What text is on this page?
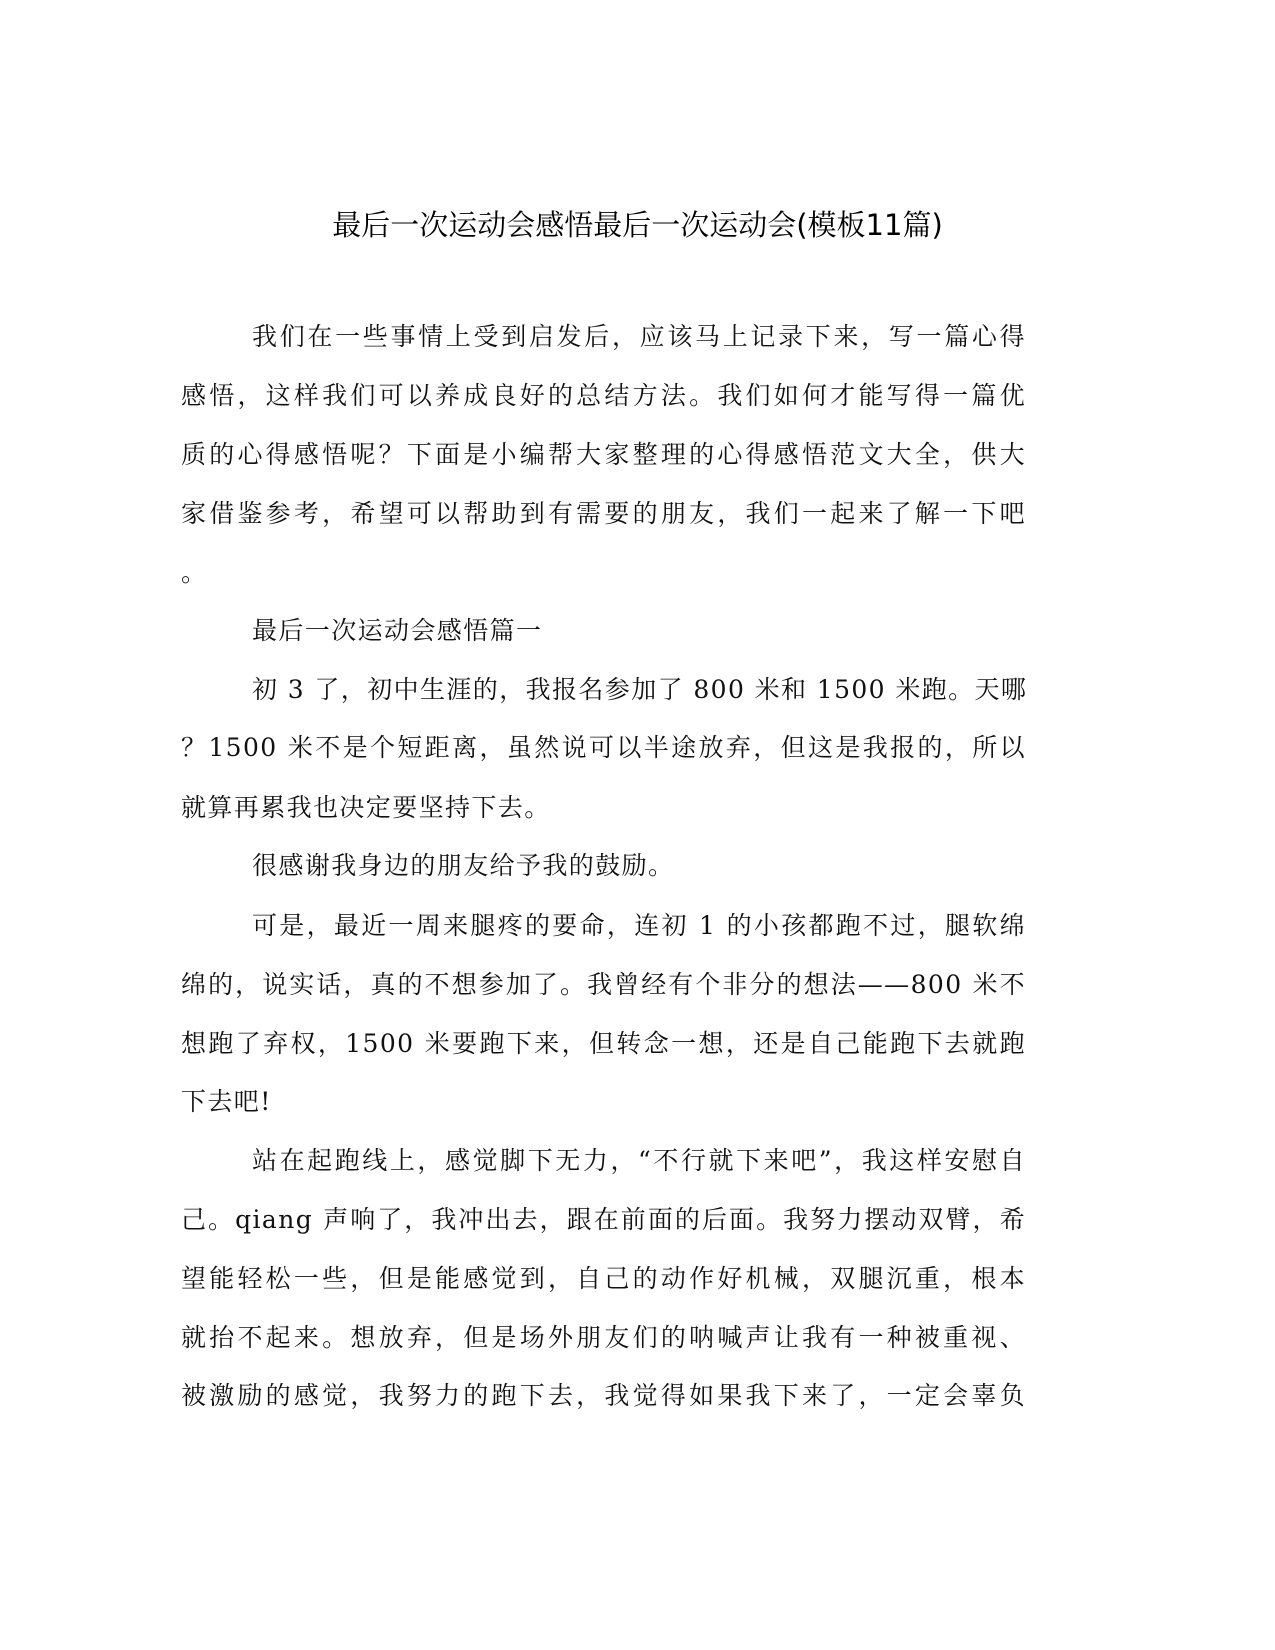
最后一次运动会感悟最后一次运动会(模板11篇)
我们在一些事情上受到启发后，应该马上记录下来，写一篇心得
感悟，这样我们可以养成良好的总结方法。我们如何才能写得一篇优
质的心得感悟呢？下面是小编帮大家整理的心得感悟范文大全，供大
家借鉴参考，希望可以帮助到有需要的朋友，我们一起来了解一下吧
。
最后一次运动会感悟篇一
初 3 了，初中生涯的，我报名参加了 800 米和 1500 米跑。天哪
？1500 米不是个短距离，虽然说可以半途放弃，但这是我报的，所以
就算再累我也决定要坚持下去。
很感谢我身边的朋友给予我的鼓励。
可是，最近一周来腿疼的要命，连初 1 的小孩都跑不过，腿软绵
绵的，说实话，真的不想参加了。我曾经有个非分的想法——800 米不
想跑了弃权，1500 米要跑下来，但转念一想，还是自己能跑下去就跑
下去吧!
站在起跑线上，感觉脚下无力，“不行就下来吧”，我这样安慰自
己。qiang 声响了，我冲出去，跟在前面的后面。我努力摆动双臂，希
望能轻松一些，但是能感觉到，自己的动作好机械，双腿沉重，根本
就抬不起来。想放弃，但是场外朋友们的呐喊声让我有一种被重视、
被激励的感觉，我努力的跑下去，我觉得如果我下来了，一定会辜负
